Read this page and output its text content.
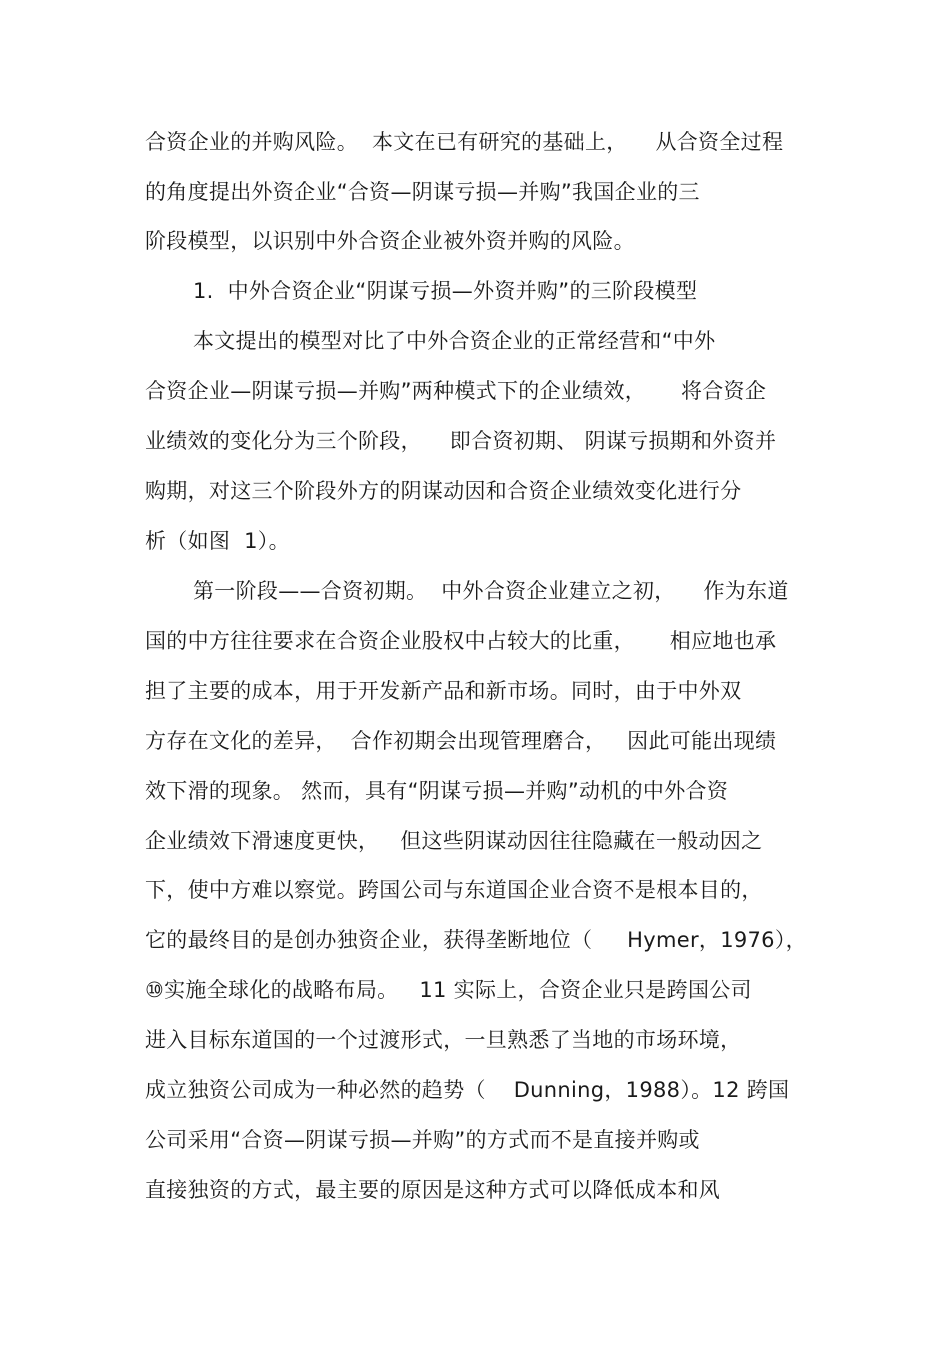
合资企业的并购风险。  本文在已有研究的基础上，    从合资全过程
的角度提出外资企业“合资—阴谋亏损—并购”我国企业的三
阶段模型，以识别中外合资企业被外资并购的风险。
1.  中外合资企业“阴谋亏损—外资并购”的三阶段模型
本文提出的模型对比了中外合资企业的正常经营和“中外
合资企业—阴谋亏损—并购”两种模式下的企业绩效，     将合资企
业绩效的变化分为三个阶段，    即合资初期、 阴谋亏损期和外资并
购期，对这三个阶段外方的阴谋动因和合资企业绩效变化进行分
析（如图  1）。
第一阶段——合资初期。  中外合资企业建立之初，    作为东道
国的中方往往要求在合资企业股权中占较大的比重，     相应地也承
担了主要的成本，用于开发新产品和新市场。同时，由于中外双
方存在文化的差异，  合作初期会出现管理磨合，   因此可能出现绩
效下滑的现象。 然而，具有“阴谋亏损—并购”动机的中外合资
企业绩效下滑速度更快，   但这些阴谋动因往往隐藏在一般动因之
下，使中方难以察觉。跨国公司与东道国企业合资不是根本目的，
它的最终目的是创办独资企业，获得垄断地位（     Hymer，1976），
⑩实施全球化的战略布局。   11 实际上，合资企业只是跨国公司
进入目标东道国的一个过渡形式，一旦熟悉了当地的市场环境，
成立独资公司成为一种必然的趋势（    Dunning，1988）。12 跨国
公司采用“合资—阴谋亏损—并购”的方式而不是直接并购或
直接独资的方式，最主要的原因是这种方式可以降低成本和风
